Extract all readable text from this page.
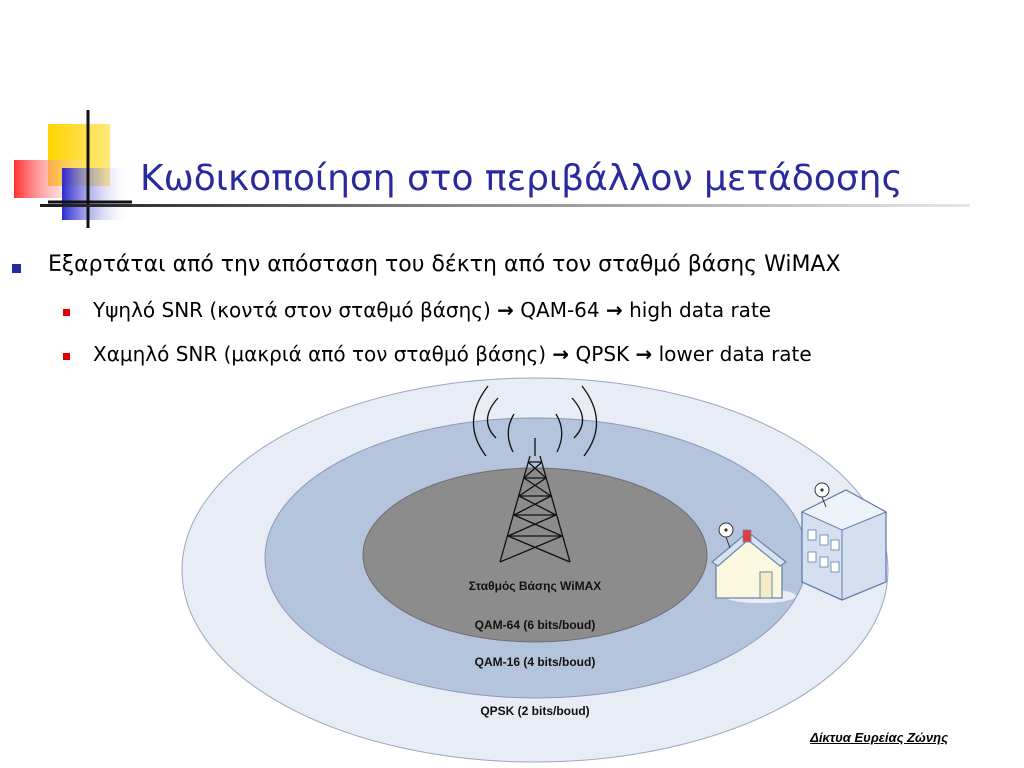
Κωδικοποίηση στο περιβάλλον μετάδοσης
Εξαρτάται από την απόσταση του δέκτη από τον σταθμό βάσης WiMAX
Υψηλό SNR (κοντά στον σταθμό βάσης) → QAM-64 → high data rate
Χαμηλό SNR (μακριά από τον σταθμό βάσης) → QPSK → lower data rate
Σταθμός Βάσης WiMAX
QAM-64 (6 bits/boud)
QAM-16 (4 bits/boud)
QPSK (2 bits/boud)
Δίκτυα Ευρείας Ζώνης
